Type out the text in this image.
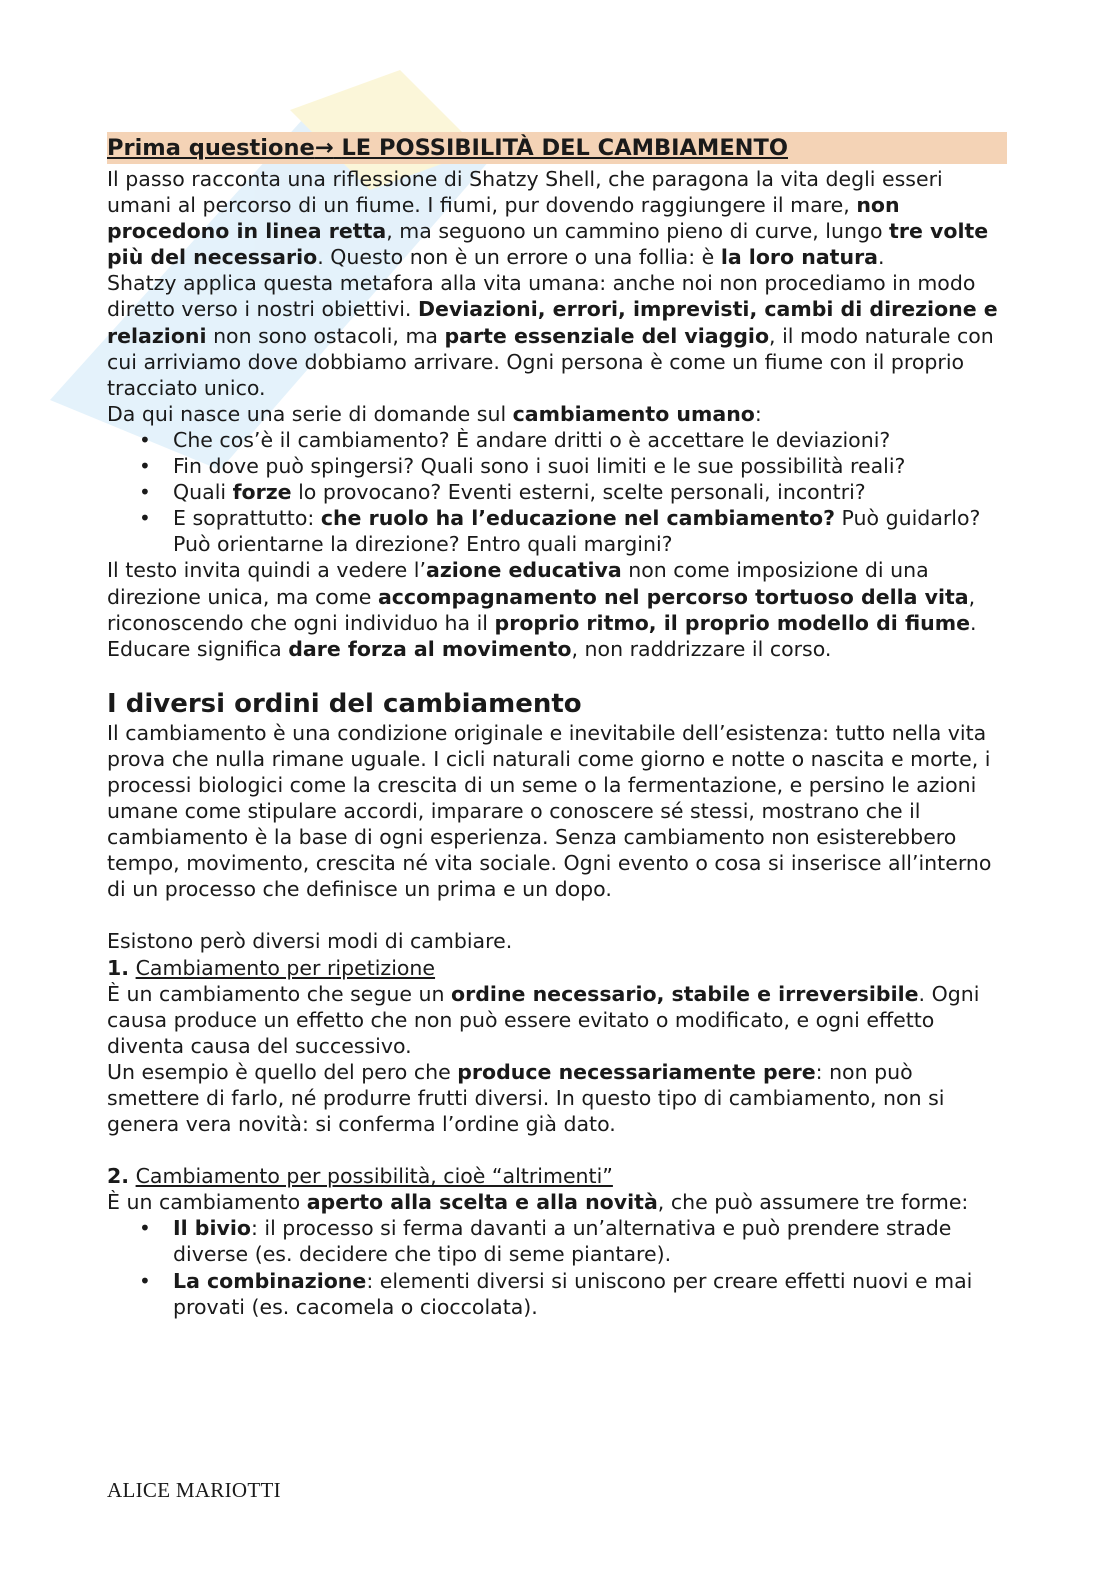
Prima questione→ LE POSSIBILITÀ DEL CAMBIAMENTO

Il passo racconta una riflessione di Shatzy Shell, che paragona la vita degli esseri umani al percorso di un fiume. I fiumi, pur dovendo raggiungere il mare, non procedono in linea retta, ma seguono un cammino pieno di curve, lungo tre volte più del necessario. Questo non è un errore o una follia: è la loro natura.

Shatzy applica questa metafora alla vita umana: anche noi non procediamo in modo diretto verso i nostri obiettivi. Deviazioni, errori, imprevisti, cambi di direzione e relazioni non sono ostacoli, ma parte essenziale del viaggio, il modo naturale con cui arriviamo dove dobbiamo arrivare. Ogni persona è come un fiume con il proprio tracciato unico.

Da qui nasce una serie di domande sul cambiamento umano:

• Che cos’è il cambiamento? È andare dritti o è accettare le deviazioni?
• Fin dove può spingersi? Quali sono i suoi limiti e le sue possibilità reali?
• Quali forze lo provocano? Eventi esterni, scelte personali, incontri?
• E soprattutto: che ruolo ha l’educazione nel cambiamento? Può guidarlo? Può orientarne la direzione? Entro quali margini?

Il testo invita quindi a vedere l’azione educativa non come imposizione di una direzione unica, ma come accompagnamento nel percorso tortuoso della vita, riconoscendo che ogni individuo ha il proprio ritmo, il proprio modello di fiume. Educare significa dare forza al movimento, non raddrizzare il corso.

I diversi ordini del cambiamento

Il cambiamento è una condizione originale e inevitabile dell’esistenza: tutto nella vita prova che nulla rimane uguale. I cicli naturali come giorno e notte o nascita e morte, i processi biologici come la crescita di un seme o la fermentazione, e persino le azioni umane come stipulare accordi, imparare o conoscere sé stessi, mostrano che il cambiamento è la base di ogni esperienza. Senza cambiamento non esisterebbero tempo, movimento, crescita né vita sociale. Ogni evento o cosa si inserisce all’interno di un processo che definisce un prima e un dopo.

Esistono però diversi modi di cambiare.

1. Cambiamento per ripetizione

È un cambiamento che segue un ordine necessario, stabile e irreversibile. Ogni causa produce un effetto che non può essere evitato o modificato, e ogni effetto diventa causa del successivo.

Un esempio è quello del pero che produce necessariamente pere: non può smettere di farlo, né produrre frutti diversi. In questo tipo di cambiamento, non si genera vera novità: si conferma l’ordine già dato.

2. Cambiamento per possibilità, cioè “altrimenti”

È un cambiamento aperto alla scelta e alla novità, che può assumere tre forme:

• Il bivio: il processo si ferma davanti a un’alternativa e può prendere strade diverse (es. decidere che tipo di seme piantare).
• La combinazione: elementi diversi si uniscono per creare effetti nuovi e mai provati (es. cacomela o cioccolata).
ALICE MARIOTTI
